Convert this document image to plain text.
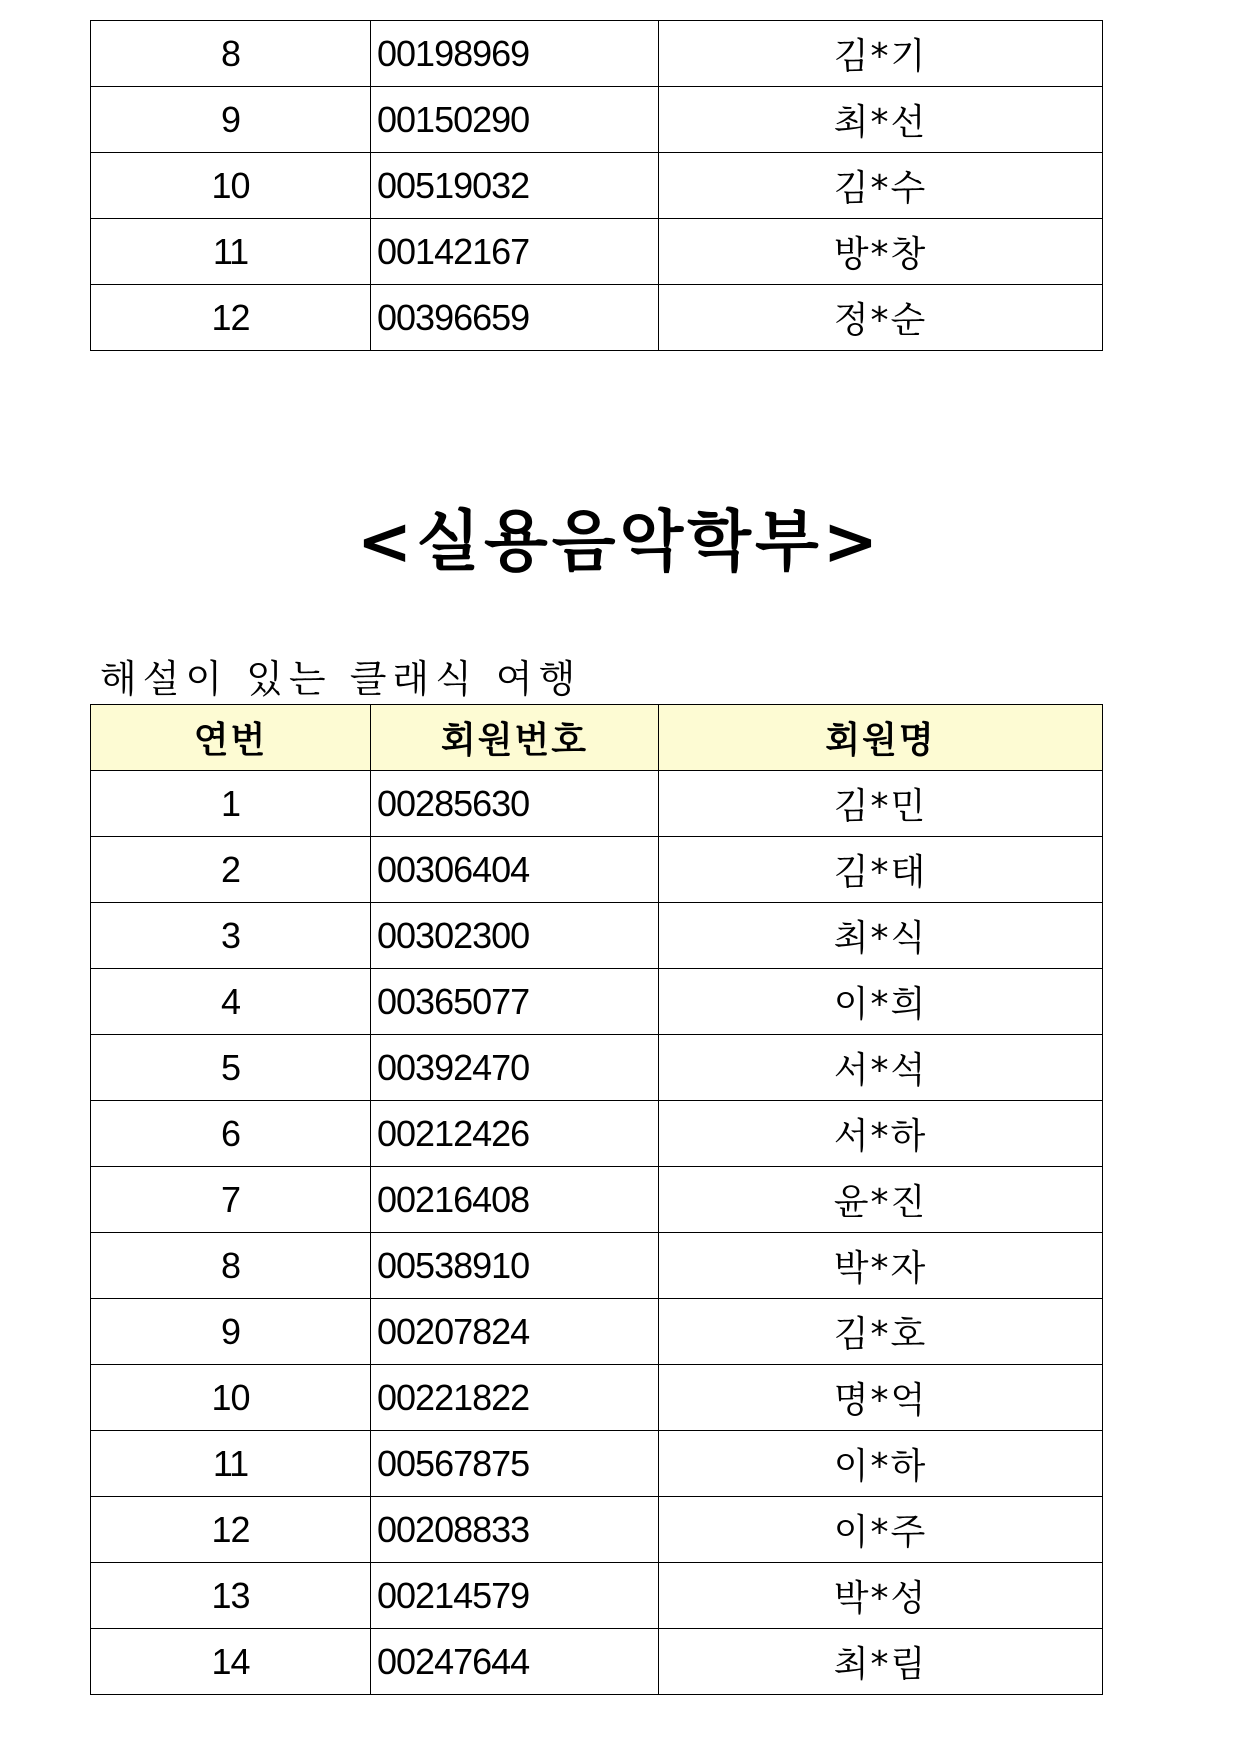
8	00198969	김*기
9	00150290	최*선
10	00519032	김*수
11	00142167	방*창
12	00396659	정*순
<실용음악학부>
해설이 있는 클래식 여행
연번	회원번호	회원명
1	00285630	김*민
2	00306404	김*태
3	00302300	최*식
4	00365077	이*희
5	00392470	서*석
6	00212426	서*하
7	00216408	윤*진
8	00538910	박*자
9	00207824	김*호
10	00221822	명*억
11	00567875	이*하
12	00208833	이*주
13	00214579	박*성
14	00247644	최*림
